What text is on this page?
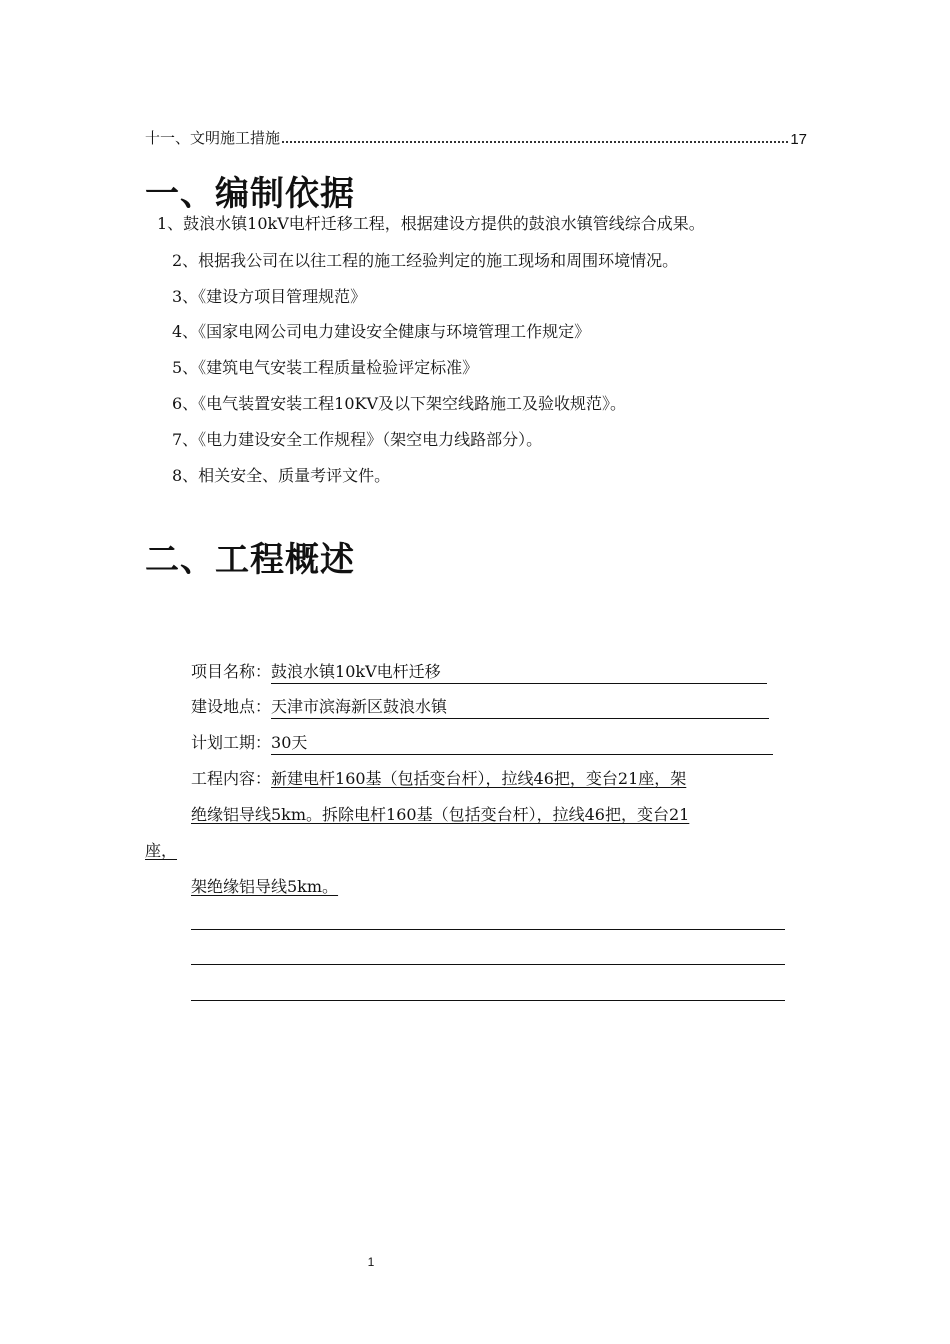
十一、文明施工措施	17
一、编制依据
1、鼓浪水镇10kV电杆迁移工程，根据建设方提供的鼓浪水镇管线综合成果。
2、根据我公司在以往工程的施工经验判定的施工现场和周围环境情况。
3、《建设方项目管理规范》
4、《国家电网公司电力建设安全健康与环境管理工作规定》
5、《建筑电气安装工程质量检验评定标准》
6、《电气装置安装工程10KV及以下架空线路施工及验收规范》。
7、《电力建设安全工作规程》（架空电力线路部分）。
8、相关安全、质量考评文件。
二、工程概述
项目名称：鼓浪水镇10kV电杆迁移
建设地点：天津市滨海新区鼓浪水镇
计划工期：30天
工程内容：新建电杆160基（包括变台杆），拉线46把，变台21座，架
绝缘铝导线5km。拆除电杆160基（包括变台杆），拉线46把，变台21
座，
架绝缘铝导线5km。
1
